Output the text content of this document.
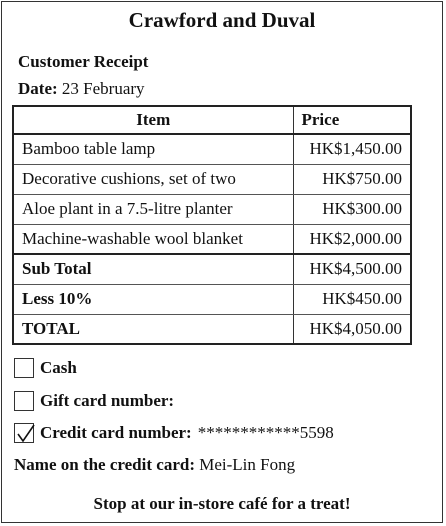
Crawford and Duval
Customer Receipt
Date: 23 February
Item	Price
Bamboo table lamp	HK$1,450.00
Decorative cushions, set of two	HK$750.00
Aloe plant in a 7.5-litre planter	HK$300.00
Machine-washable wool blanket	HK$2,000.00
Sub Total	HK$4,500.00
Less 10%	HK$450.00
TOTAL	HK$4,050.00
Cash
Gift card number:
Credit card number: ************5598
Name on the credit card: Mei-Lin Fong
Stop at our in-store café for a treat!
